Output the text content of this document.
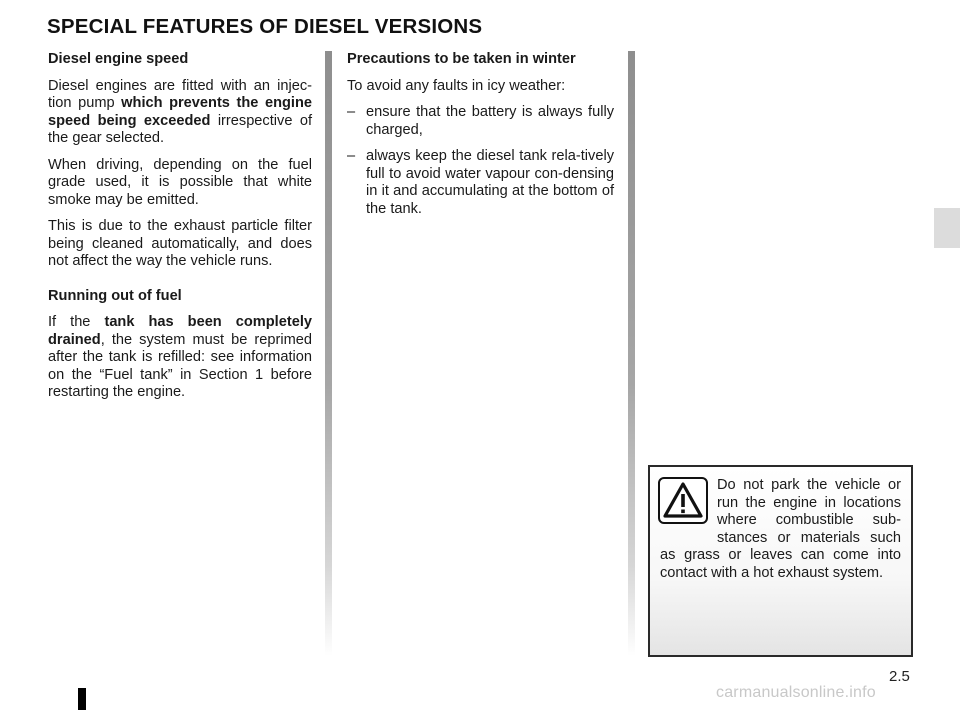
SPECIAL FEATURES OF DIESEL VERSIONS
Diesel engine speed
Diesel engines are fitted with an injec-tion pump which prevents the engine speed being exceeded irrespective of the gear selected.
When driving, depending on the fuel grade used, it is possible that white smoke may be emitted.
This is due to the exhaust particle filter being cleaned automatically, and does not affect the way the vehicle runs.
Running out of fuel
If the tank has been completely drained, the system must be reprimed after the tank is refilled: see information on the “Fuel tank” in Section 1 before restarting the engine.
Precautions to be taken in winter
To avoid any faults in icy weather:
– ensure that the battery is always fully charged,
– always keep the diesel tank rela-tively full to avoid water vapour con-densing in it and accumulating at the bottom of the tank.
Do not park the vehicle or run the engine in locations where combustible sub-stances or materials such as grass or leaves can come into contact with a hot exhaust system.
2.5
carmanualsonline.info
